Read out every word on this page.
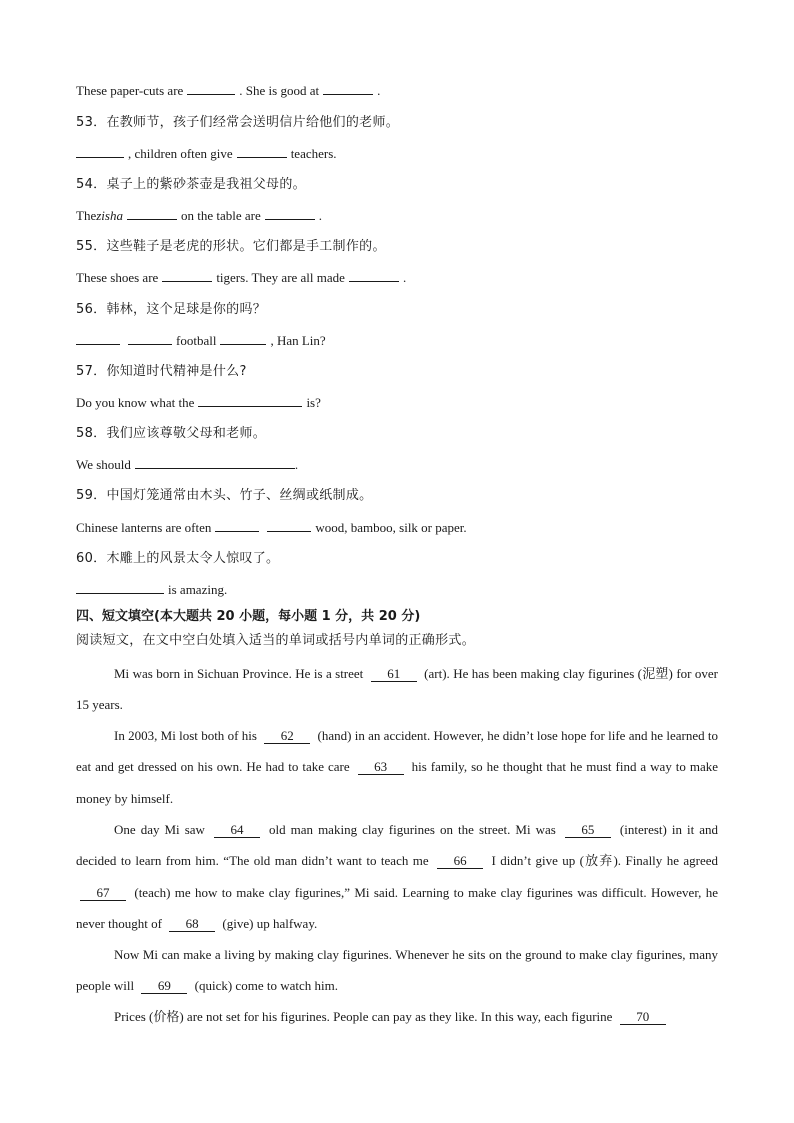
These paper-cuts are	. She is good at	.
53．在教师节，孩子们经常会送明信片给他们的老师。
, children often give	teachers.
54．桌子上的紫砂茶壶是我祖父母的。
Thezisha	on the table are	.
55．这些鞋子是老虎的形状。它们都是手工制作的。
These shoes are	tigers. They are all made	.
56．韩林，这个足球是你的吗？
football	, Han Lin?
57．你知道时代精神是什么?
Do you know what the	is?
58．我们应该尊敬父母和老师。
We should	.
59．中国灯笼通常由木头、竹子、丝绸或纸制成。
Chinese lanterns are often	wood, bamboo, silk or paper.
60．木雕上的风景太令人惊叹了。
is amazing.
四、短文填空(本大题共 20 小题，每小题 1 分，共 20 分)
阅读短文，在文中空白处填入适当的单词或括号内单词的正确形式。
Mi was born in Sichuan Province. He is a street 61 (art). He has been making clay figurines (泥塑) for over 15 years.
In 2003, Mi lost both of his 62 (hand) in an accident. However, he didn’t lose hope for life and he learned to eat and get dressed on his own. He had to take care 63 his family, so he thought that he must find a way to make money by himself.
One day Mi saw 64 old man making clay figurines on the street. Mi was 65 (interest) in it and decided to learn from him. “The old man didn’t want to teach me 66 I didn’t give up (放弃). Finally he agreed 67 (teach) me how to make clay figurines,” Mi said. Learning to make clay figurines was difficult. However, he never thought of 68 (give) up halfway.
Now Mi can make a living by making clay figurines. Whenever he sits on the ground to make clay figurines, many people will 69 (quick) come to watch him.
Prices (价格) are not set for his figurines. People can pay as they like. In this way, each figurine 70
